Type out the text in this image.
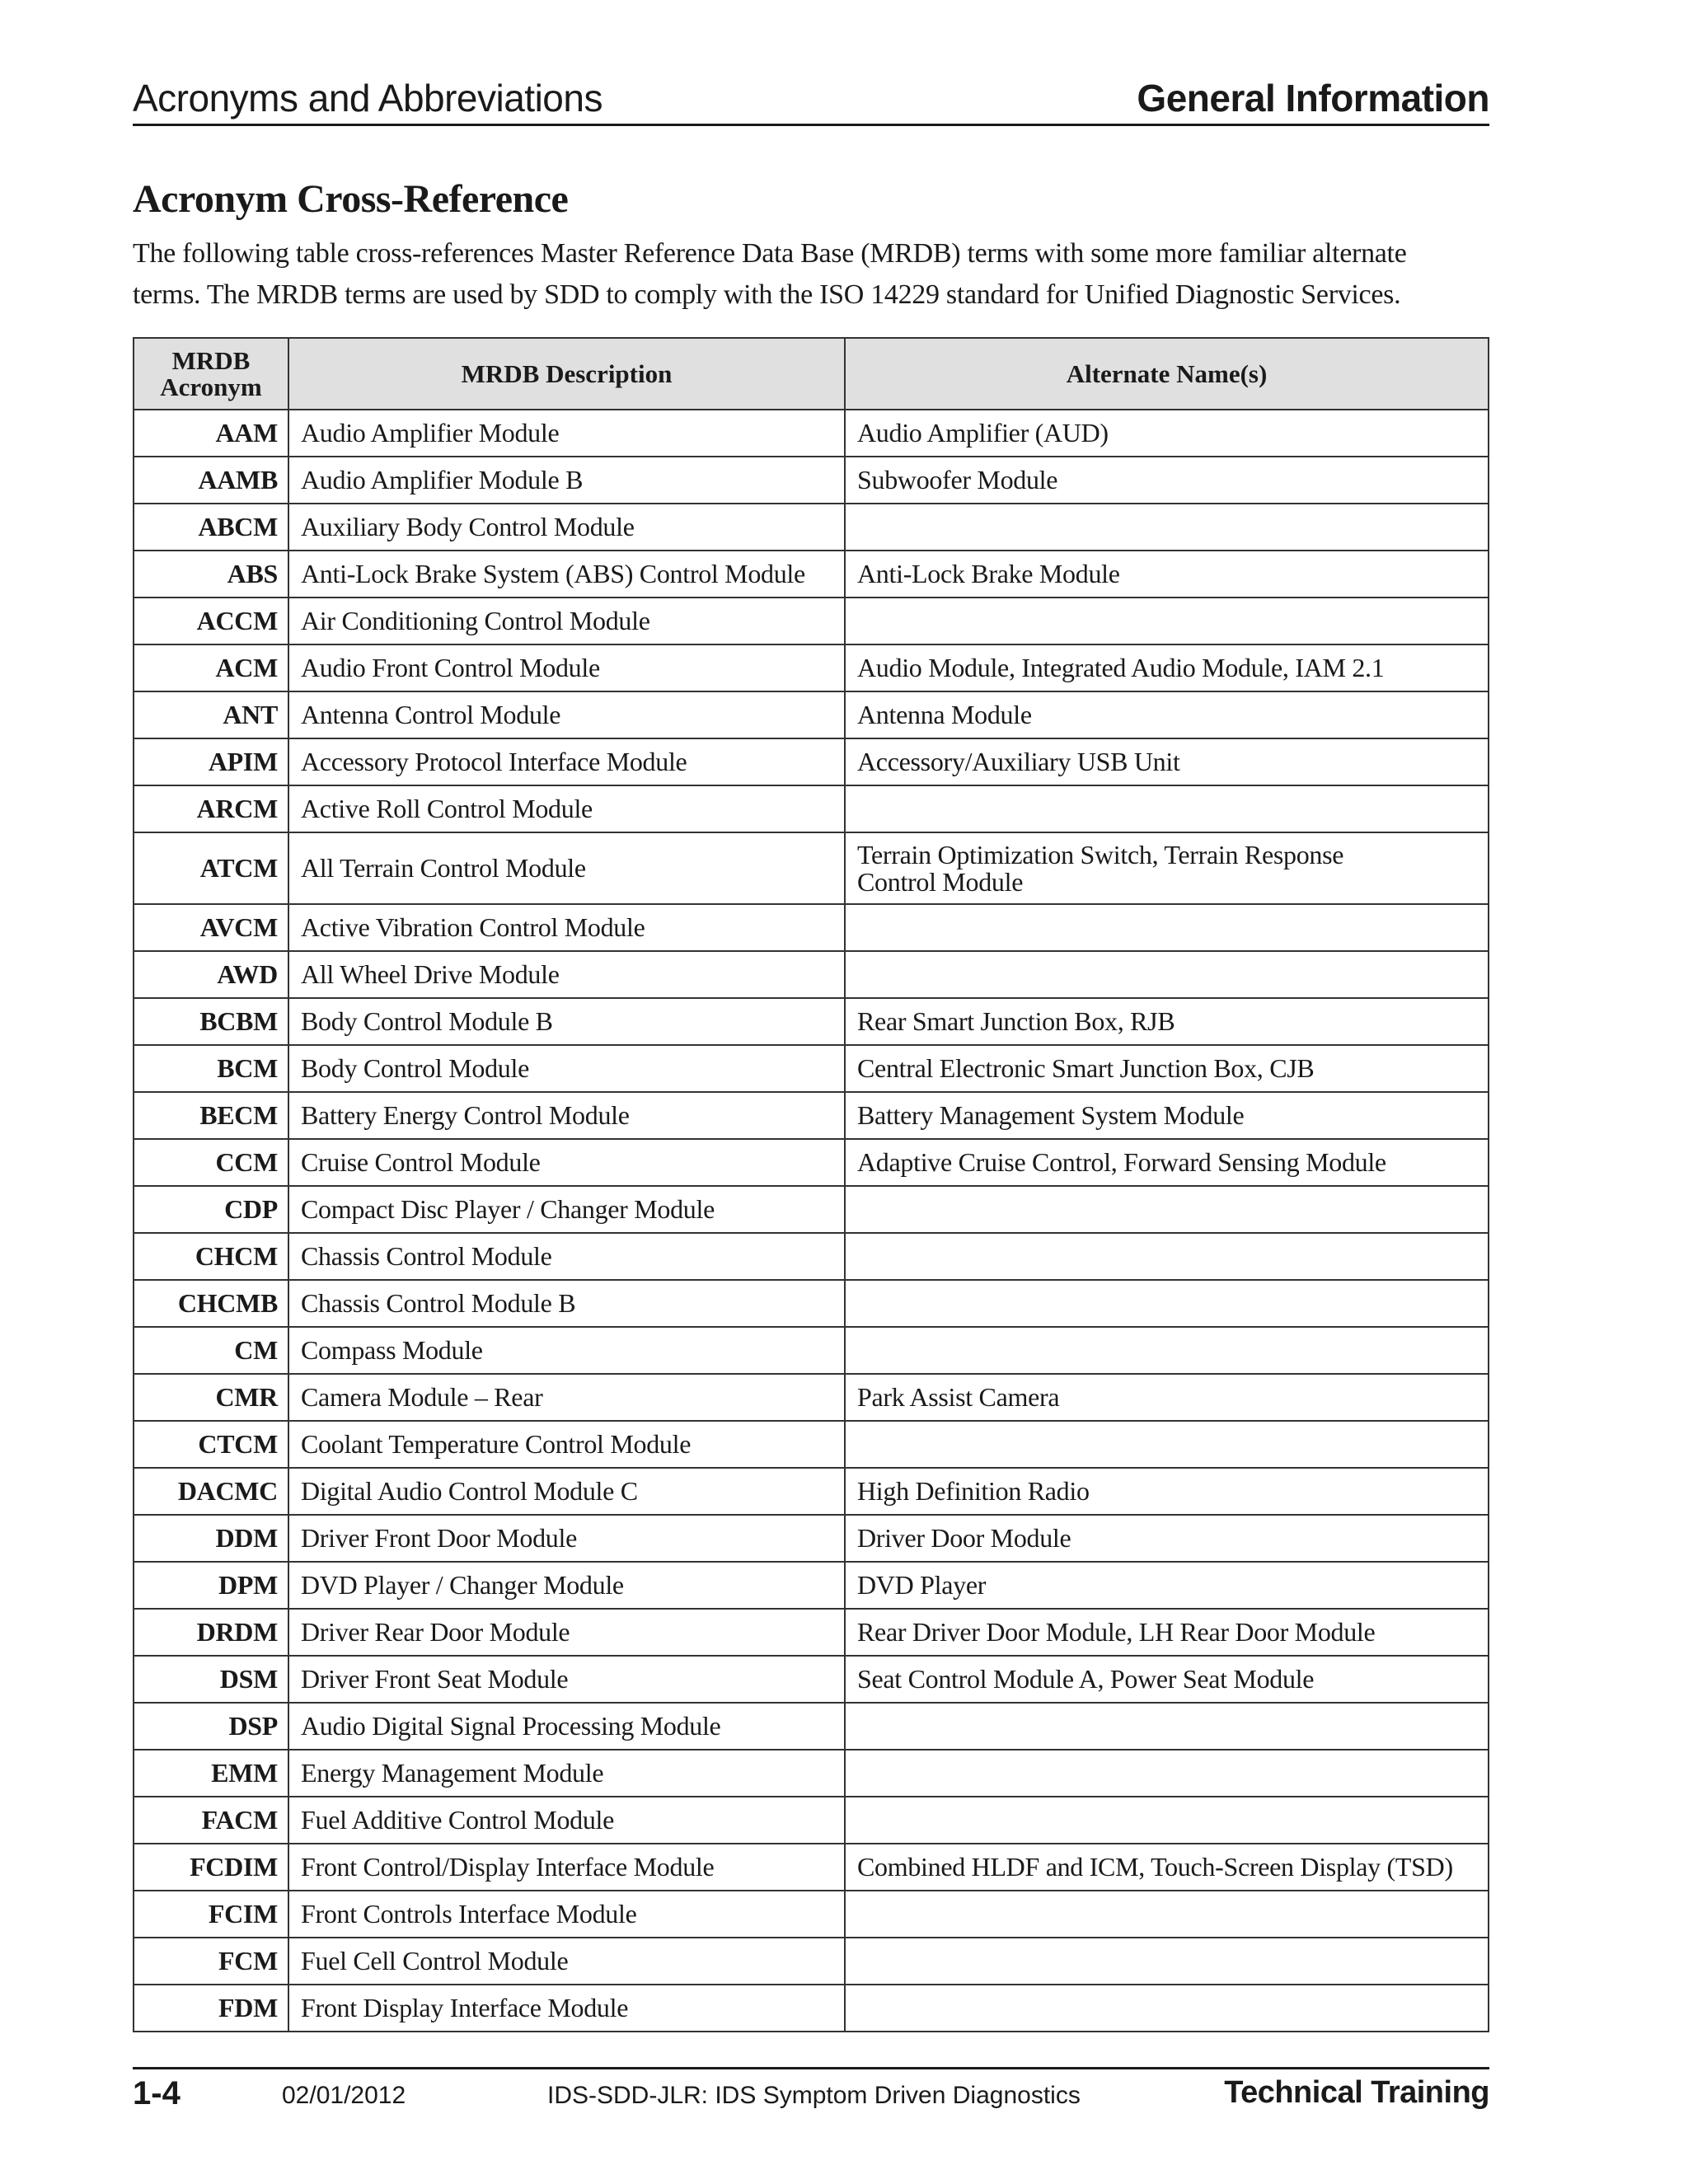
Acronyms and Abbreviations	General Information
Acronym Cross-Reference
The following table cross-references Master Reference Data Base (MRDB) terms with some more familiar alternate
terms. The MRDB terms are used by SDD to comply with the ISO 14229 standard for Unified Diagnostic Services.
MRDB
Acronym	MRDB Description	Alternate Name(s)
AAM	Audio Amplifier Module	Audio Amplifier (AUD)
AAMB	Audio Amplifier Module B	Subwoofer Module
ABCM	Auxiliary Body Control Module	
ABS	Anti-Lock Brake System (ABS) Control Module	Anti-Lock Brake Module
ACCM	Air Conditioning Control Module	
ACM	Audio Front Control Module	Audio Module, Integrated Audio Module, IAM 2.1
ANT	Antenna Control Module	Antenna Module
APIM	Accessory Protocol Interface Module	Accessory/Auxiliary USB Unit
ARCM	Active Roll Control Module	
ATCM	All Terrain Control Module	Terrain Optimization Switch, Terrain Response
Control Module
AVCM	Active Vibration Control Module	
AWD	All Wheel Drive Module	
BCBM	Body Control Module B	Rear Smart Junction Box, RJB
BCM	Body Control Module	Central Electronic Smart Junction Box, CJB
BECM	Battery Energy Control Module	Battery Management System Module
CCM	Cruise Control Module	Adaptive Cruise Control, Forward Sensing Module
CDP	Compact Disc Player / Changer Module	
CHCM	Chassis Control Module	
CHCMB	Chassis Control Module B	
CM	Compass Module	
CMR	Camera Module – Rear	Park Assist Camera
CTCM	Coolant Temperature Control Module	
DACMC	Digital Audio Control Module C	High Definition Radio
DDM	Driver Front Door Module	Driver Door Module
DPM	DVD Player / Changer Module	DVD Player
DRDM	Driver Rear Door Module	Rear Driver Door Module, LH Rear Door Module
DSM	Driver Front Seat Module	Seat Control Module A, Power Seat Module
DSP	Audio Digital Signal Processing Module	
EMM	Energy Management Module	
FACM	Fuel Additive Control Module	
FCDIM	Front Control/Display Interface Module	Combined HLDF and ICM, Touch-Screen Display (TSD)
FCIM	Front Controls Interface Module	
FCM	Fuel Cell Control Module	
FDM	Front Display Interface Module	
1-4	02/01/2012	IDS-SDD-JLR: IDS Symptom Driven Diagnostics	Technical Training
